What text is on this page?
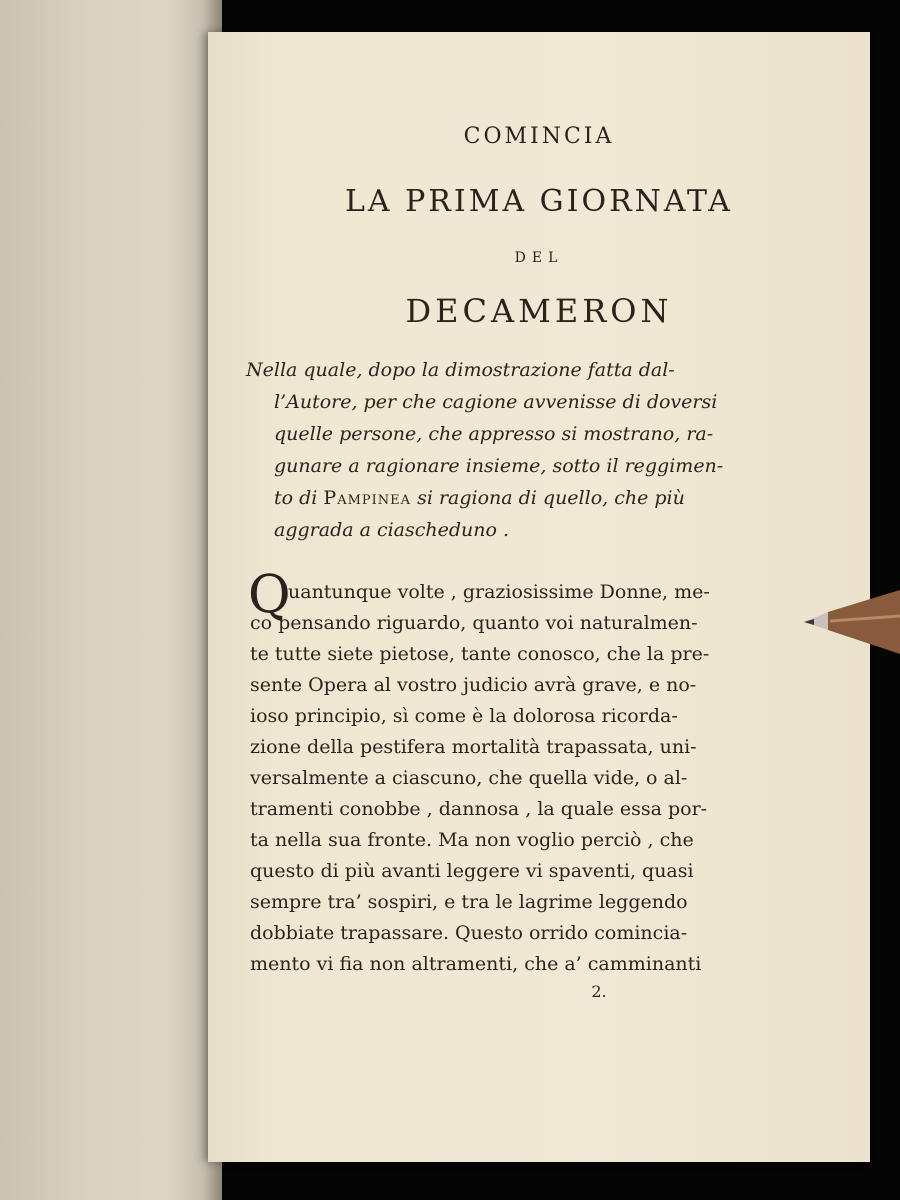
COMINCIA
LA PRIMA GIORNATA
DEL
DECAMERON
Nella quale, dopo la dimostrazione fatta dal-
l’Autore, per che cagione avvenisse di doversi
quelle persone, che appresso si mostrano, ra-
gunare a ragionare insieme, sotto il reggimen-
to di Pampinea si ragiona di quello, che più
aggrada a ciascheduno .
Q
uantunque volte , graziosissime Donne, me-
co pensando riguardo, quanto voi naturalmen-
te tutte siete pietose, tante conosco, che la pre-
sente Opera al vostro judicio avrà grave, e no-
ioso principio, sì come è la dolorosa ricorda-
zione della pestifera mortalità trapassata, uni-
versalmente a ciascuno, che quella vide, o al-
tramenti conobbe , dannosa , la quale essa por-
ta nella sua fronte. Ma non voglio perciò , che
questo di più avanti leggere vi spaventi, quasi
sempre tra’ sospiri, e tra le lagrime leggendo
dobbiate trapassare. Questo orrido comincia-
mento vi fia non altramenti, che a’ camminanti
2.
